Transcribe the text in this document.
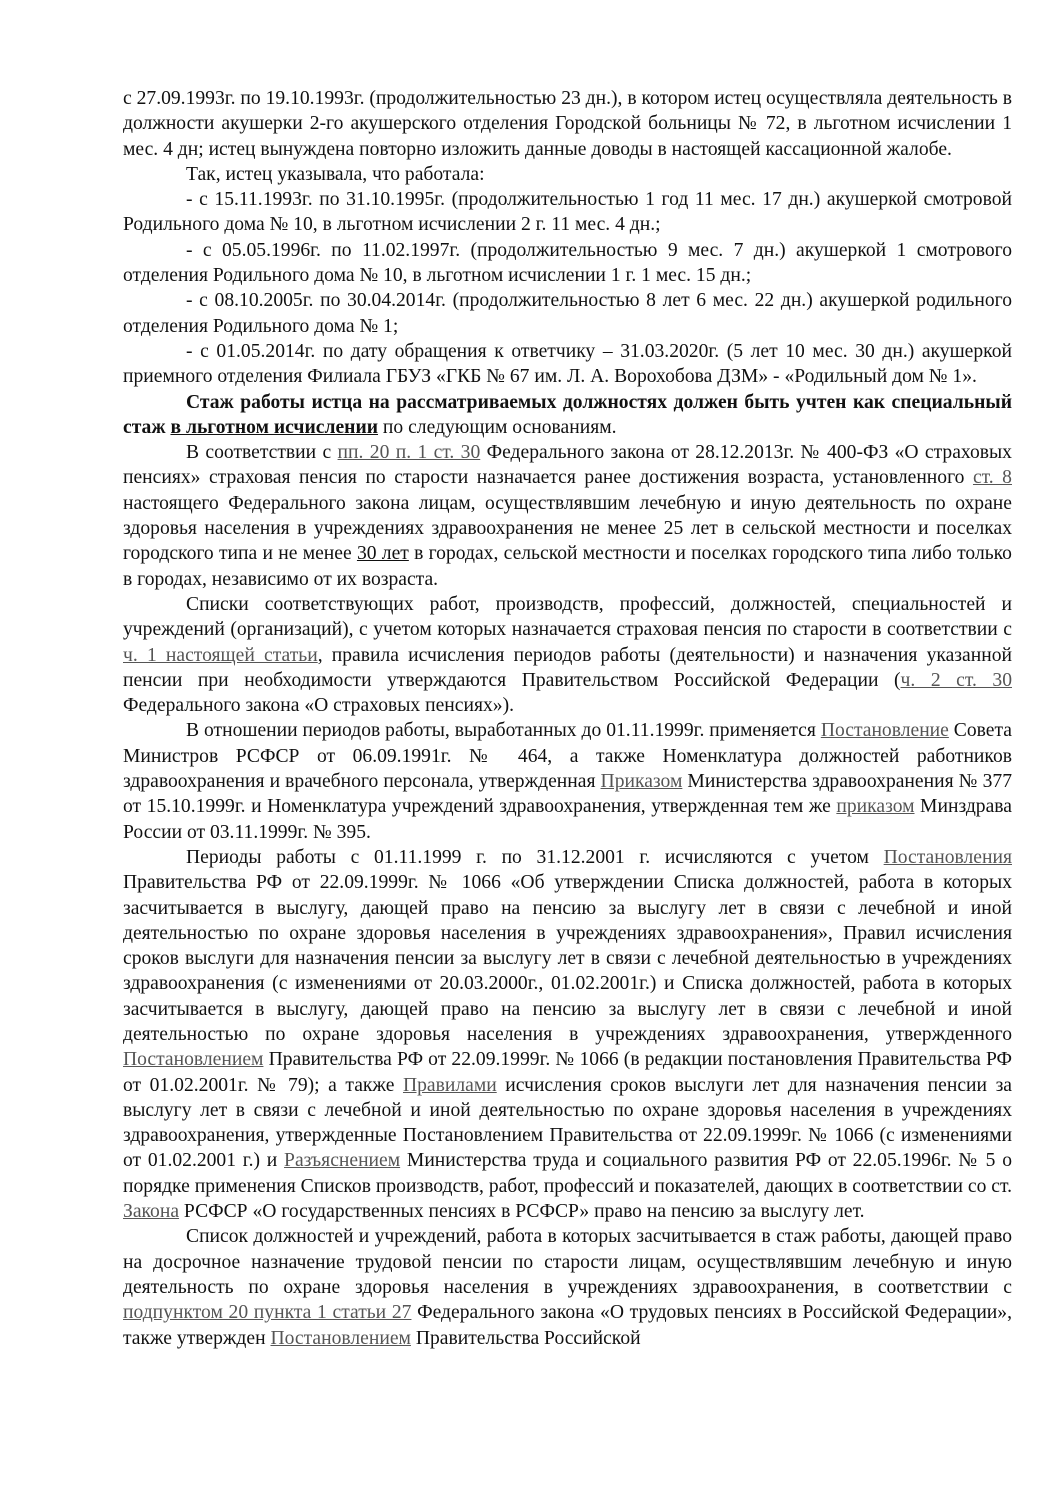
с 27.09.1993г. по 19.10.1993г. (продолжительностью 23 дн.), в котором истец осуществляла деятельность в должности акушерки 2-го акушерского отделения Городской больницы № 72, в льготном исчислении 1 мес. 4 дн; истец вынуждена повторно изложить данные доводы в настоящей кассационной жалобе.

Так, истец указывала, что работала:

- с 15.11.1993г. по 31.10.1995г. (продолжительностью 1 год 11 мес. 17 дн.) акушеркой смотровой Родильного дома № 10, в льготном исчислении 2 г. 11 мес. 4 дн.;

- с 05.05.1996г. по 11.02.1997г. (продолжительностью 9 мес. 7 дн.) акушеркой 1 смотрового отделения Родильного дома № 10, в льготном исчислении 1 г. 1 мес. 15 дн.;

- с 08.10.2005г. по 30.04.2014г. (продолжительностью 8 лет 6 мес. 22 дн.) акушеркой родильного отделения Родильного дома № 1;

- с 01.05.2014г. по дату обращения к ответчику – 31.03.2020г. (5 лет 10 мес. 30 дн.) акушеркой приемного отделения Филиала ГБУЗ «ГКБ № 67 им. Л. А. Ворохобова ДЗМ» - «Родильный дом № 1».

Стаж работы истца на рассматриваемых должностях должен быть учтен как специальный стаж в льготном исчислении по следующим основаниям.

В соответствии с пп. 20 п. 1 ст. 30 Федерального закона от 28.12.2013г. № 400-ФЗ «О страховых пенсиях» страховая пенсия по старости назначается ранее достижения возраста, установленного ст. 8 настоящего Федерального закона лицам, осуществлявшим лечебную и иную деятельность по охране здоровья населения в учреждениях здравоохранения не менее 25 лет в сельской местности и поселках городского типа и не менее 30 лет в городах, сельской местности и поселках городского типа либо только в городах, независимо от их возраста.

Списки соответствующих работ, производств, профессий, должностей, специальностей и учреждений (организаций), с учетом которых назначается страховая пенсия по старости в соответствии с ч. 1 настоящей статьи, правила исчисления периодов работы (деятельности) и назначения указанной пенсии при необходимости утверждаются Правительством Российской Федерации (ч. 2 ст. 30 Федерального закона «О страховых пенсиях»).

В отношении периодов работы, выработанных до 01.11.1999г. применяется Постановление Совета Министров РСФСР от 06.09.1991г. № 464, а также Номенклатура должностей работников здравоохранения и врачебного персонала, утвержденная Приказом Министерства здравоохранения № 377 от 15.10.1999г. и Номенклатура учреждений здравоохранения, утвержденная тем же приказом Минздрава России от 03.11.1999г. № 395.

Периоды работы с 01.11.1999 г. по 31.12.2001 г. исчисляются с учетом Постановления Правительства РФ от 22.09.1999г. № 1066 «Об утверждении Списка должностей, работа в которых засчитывается в выслугу, дающей право на пенсию за выслугу лет в связи с лечебной и иной деятельностью по охране здоровья населения в учреждениях здравоохранения», Правил исчисления сроков выслуги для назначения пенсии за выслугу лет в связи с лечебной деятельностью в учреждениях здравоохранения (с изменениями от 20.03.2000г., 01.02.2001г.) и Списка должностей, работа в которых засчитывается в выслугу, дающей право на пенсию за выслугу лет в связи с лечебной и иной деятельностью по охране здоровья населения в учреждениях здравоохранения, утвержденного Постановлением Правительства РФ от 22.09.1999г. № 1066 (в редакции постановления Правительства РФ от 01.02.2001г. № 79); а также Правилами исчисления сроков выслуги лет для назначения пенсии за выслугу лет в связи с лечебной и иной деятельностью по охране здоровья населения в учреждениях здравоохранения, утвержденные Постановлением Правительства от 22.09.1999г. № 1066 (с изменениями от 01.02.2001 г.) и Разъяснением Министерства труда и социального развития РФ от 22.05.1996г. № 5 о порядке применения Списков производств, работ, профессий и показателей, дающих в соответствии со ст. Закона РСФСР «О государственных пенсиях в РСФСР» право на пенсию за выслугу лет.

Список должностей и учреждений, работа в которых засчитывается в стаж работы, дающей право на досрочное назначение трудовой пенсии по старости лицам, осуществлявшим лечебную и иную деятельность по охране здоровья населения в учреждениях здравоохранения, в соответствии с подпунктом 20 пункта 1 статьи 27 Федерального закона «О трудовых пенсиях в Российской Федерации», также утвержден Постановлением Правительства Российской
